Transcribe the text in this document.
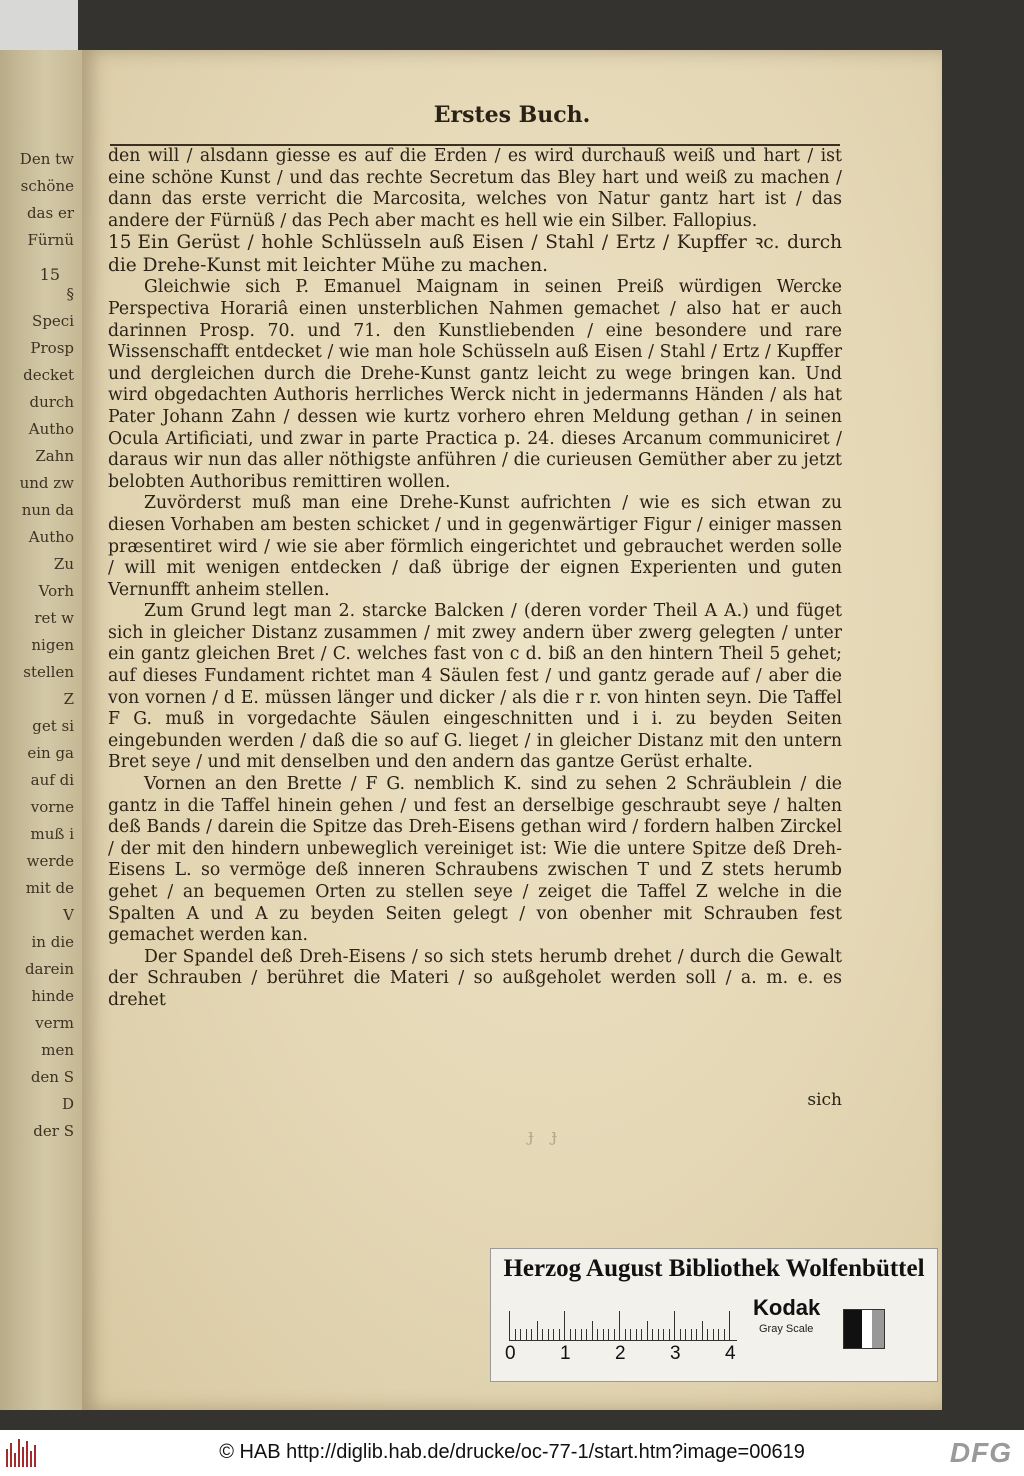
Den tw
schöne
das er
Fürnü
§
Speci
Prosp
decket
durch
Autho
Zahn
und zw
nun da
Autho
Zu
Vorh
ret w
nigen
stellen
Z
get si
ein ga
auf di
vorne
muß i
werde
mit de
V
in die
darein
hinde
verm
men
den S
D
der S
15
Erstes Buch.

den will / alsdann giesse es auf die Erden / es wird durchauß weiß und hart / ist eine schöne Kunst / und das rechte Secretum das Bley hart und weiß zu machen / dann das erste verricht die Marcosita, welches von Natur gantz hart ist / das andere der Fürnüß / das Pech aber macht es hell wie ein Silber. Fallopius.

15 Ein Gerüst / hohle Schlüsseln auß Eisen / Stahl / Ertz / Kupffer ꝛc. durch die Drehe-Kunst mit leichter Mühe zu machen.

Gleichwie sich P. Emanuel Maignam in seinen Preiß würdigen Wercke Perspectiva Horariâ einen unsterblichen Nahmen gemachet / also hat er auch darinnen Prosp. 70. und 71. den Kunstliebenden / eine besondere und rare Wissenschafft entdecket / wie man hole Schüsseln auß Eisen / Stahl / Ertz / Kupffer und dergleichen durch die Drehe-Kunst gantz leicht zu wege bringen kan. Und wird obgedachten Authoris herrliches Werck nicht in jedermanns Händen / als hat Pater Johann Zahn / dessen wie kurtz vorhero ehren Meldung gethan / in seinen Ocula Artificiati, und zwar in parte Practica p. 24. dieses Arcanum communiciret / daraus wir nun das aller nöthigste anführen / die curieusen Gemüther aber zu jetzt belobten Authoribus remittiren wollen.

Zuvörderst muß man eine Drehe-Kunst aufrichten / wie es sich etwan zu diesen Vorhaben am besten schicket / und in gegenwärtiger Figur / einiger massen præsentiret wird / wie sie aber förmlich eingerichtet und gebrauchet werden solle / will mit wenigen entdecken / daß übrige der eignen Experienten und guten Vernunfft anheim stellen.

Zum Grund legt man 2. starcke Balcken / (deren vorder Theil A A.) und füget sich in gleicher Distanz zusammen / mit zwey andern über zwerg gelegten / unter ein gantz gleichen Bret / C. welches fast von c d. biß an den hintern Theil 5 gehet; auf dieses Fundament richtet man 4 Säulen fest / und gantz gerade auf / aber die von vornen / d E. müssen länger und dicker / als die r r. von hinten seyn. Die Taffel F G. muß in vorgedachte Säulen eingeschnitten und i i. zu beyden Seiten eingebunden werden / daß die so auf G. lieget / in gleicher Distanz mit den untern Bret seye / und mit denselben und den andern das gantze Gerüst erhalte.

Vornen an den Brette / F G. nemblich K. sind zu sehen 2 Schräublein / die gantz in die Taffel hinein gehen / und fest an derselbige geschraubt seye / halten deß Bands / darein die Spitze das Dreh-Eisens gethan wird / fordern halben Zirckel / der mit den hindern unbeweglich vereiniget ist: Wie die untere Spitze deß Dreh-Eisens L. so vermöge deß inneren Schraubens zwischen T und Z stets herumb gehet / an bequemen Orten zu stellen seye / zeiget die Taffel Z welche in die Spalten A und A zu beyden Seiten gelegt / von obenher mit Schrauben fest gemachet werden kan.

Der Spandel deß Dreh-Eisens / so sich stets herumb drehet / durch die Gewalt der Schrauben / berühret die Materi / so außgeholet werden soll / a. m. e. es drehet

sich
ɟ ɟ
Herzog August Bibliothek Wolfenbüttel
0 1 2 3 4
Kodak
Gray Scale
© HAB http://diglib.hab.de/drucke/oc-77-1/start.htm?image=00619	DFG
